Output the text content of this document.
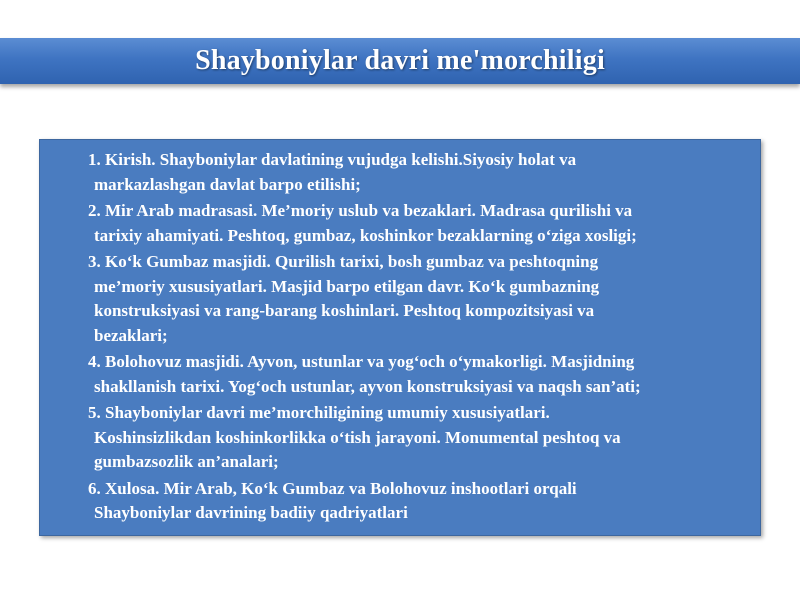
Shayboniylar davri me'morchiligi
1. Kirish. Shayboniylar davlatining vujudga kelishi.Siyosiy holat va
markazlashgan davlat barpo etilishi;
2. Mir Arab madrasasi. Me’moriy uslub va bezaklari. Madrasa qurilishi va
tarixiy ahamiyati. Peshtoq, gumbaz, koshinkor bezaklarning o‘ziga xosligi;
3. Ko‘k Gumbaz masjidi. Qurilish tarixi, bosh gumbaz va peshtoqning
me’moriy xususiyatlari. Masjid barpo etilgan davr. Ko‘k gumbazning
konstruksiyasi va rang-barang koshinlari. Peshtoq kompozitsiyasi va
bezaklari;
4. Bolohovuz masjidi. Ayvon, ustunlar va yog‘och o‘ymakorligi. Masjidning
shakllanish tarixi. Yog‘och ustunlar, ayvon konstruksiyasi va naqsh san’ati;
5. Shayboniylar davri me’morchiligining umumiy xususiyatlari.
Koshinsizlikdan koshinkorlikka o‘tish jarayoni. Monumental peshtoq va
gumbazsozlik an’analari;
6. Xulosa. Mir Arab, Ko‘k Gumbaz va Bolohovuz inshootlari orqali
Shayboniylar davrining badiiy qadriyatlari
